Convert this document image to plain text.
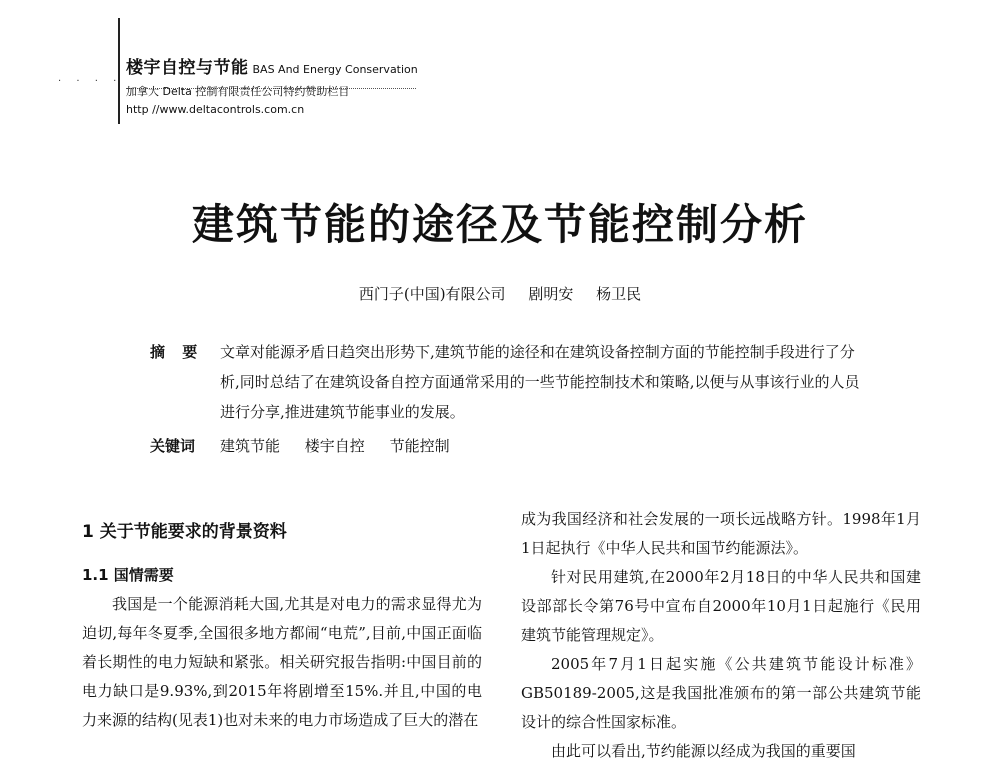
· · · ·
楼宇自控与节能 BAS And Energy Conservation
加拿大 Delta 控制有限责任公司特约赞助栏目
http //www.deltacontrols.com.cn
建筑节能的途径及节能控制分析
西门子(中国)有限公司 剧明安 杨卫民
摘 要	文章对能源矛盾日趋突出形势下,建筑节能的途径和在建筑设备控制方面的节能控制手段进行了分析,同时总结了在建筑设备自控方面通常采用的一些节能控制技术和策略,以便与从事该行业的人员进行分享,推进建筑节能事业的发展。
关键词	建筑节能 楼宇自控 节能控制
1 关于节能要求的背景资料
1.1 国情需要
我国是一个能源消耗大国,尤其是对电力的需求显得尤为迫切,每年冬夏季,全国很多地方都闹“电荒”,目前,中国正面临着长期性的电力短缺和紧张。相关研究报告指明:中国目前的电力缺口是9.93%,到2015年将剧增至15%.并且,中国的电力来源的结构(见表1)也对未来的电力市场造成了巨大的潜在
成为我国经济和社会发展的一项长远战略方针。1998年1月1日起执行《中华人民共和国节约能源法》。
针对民用建筑,在2000年2月18日的中华人民共和国建设部部长令第76号中宣布自2000年10月1日起施行《民用建筑节能管理规定》。
2005年7月1日起实施《公共建筑节能设计标准》GB50189-2005,这是我国批准颁布的第一部公共建筑节能设计的综合性国家标准。
由此可以看出,节约能源以经成为我国的重要国
